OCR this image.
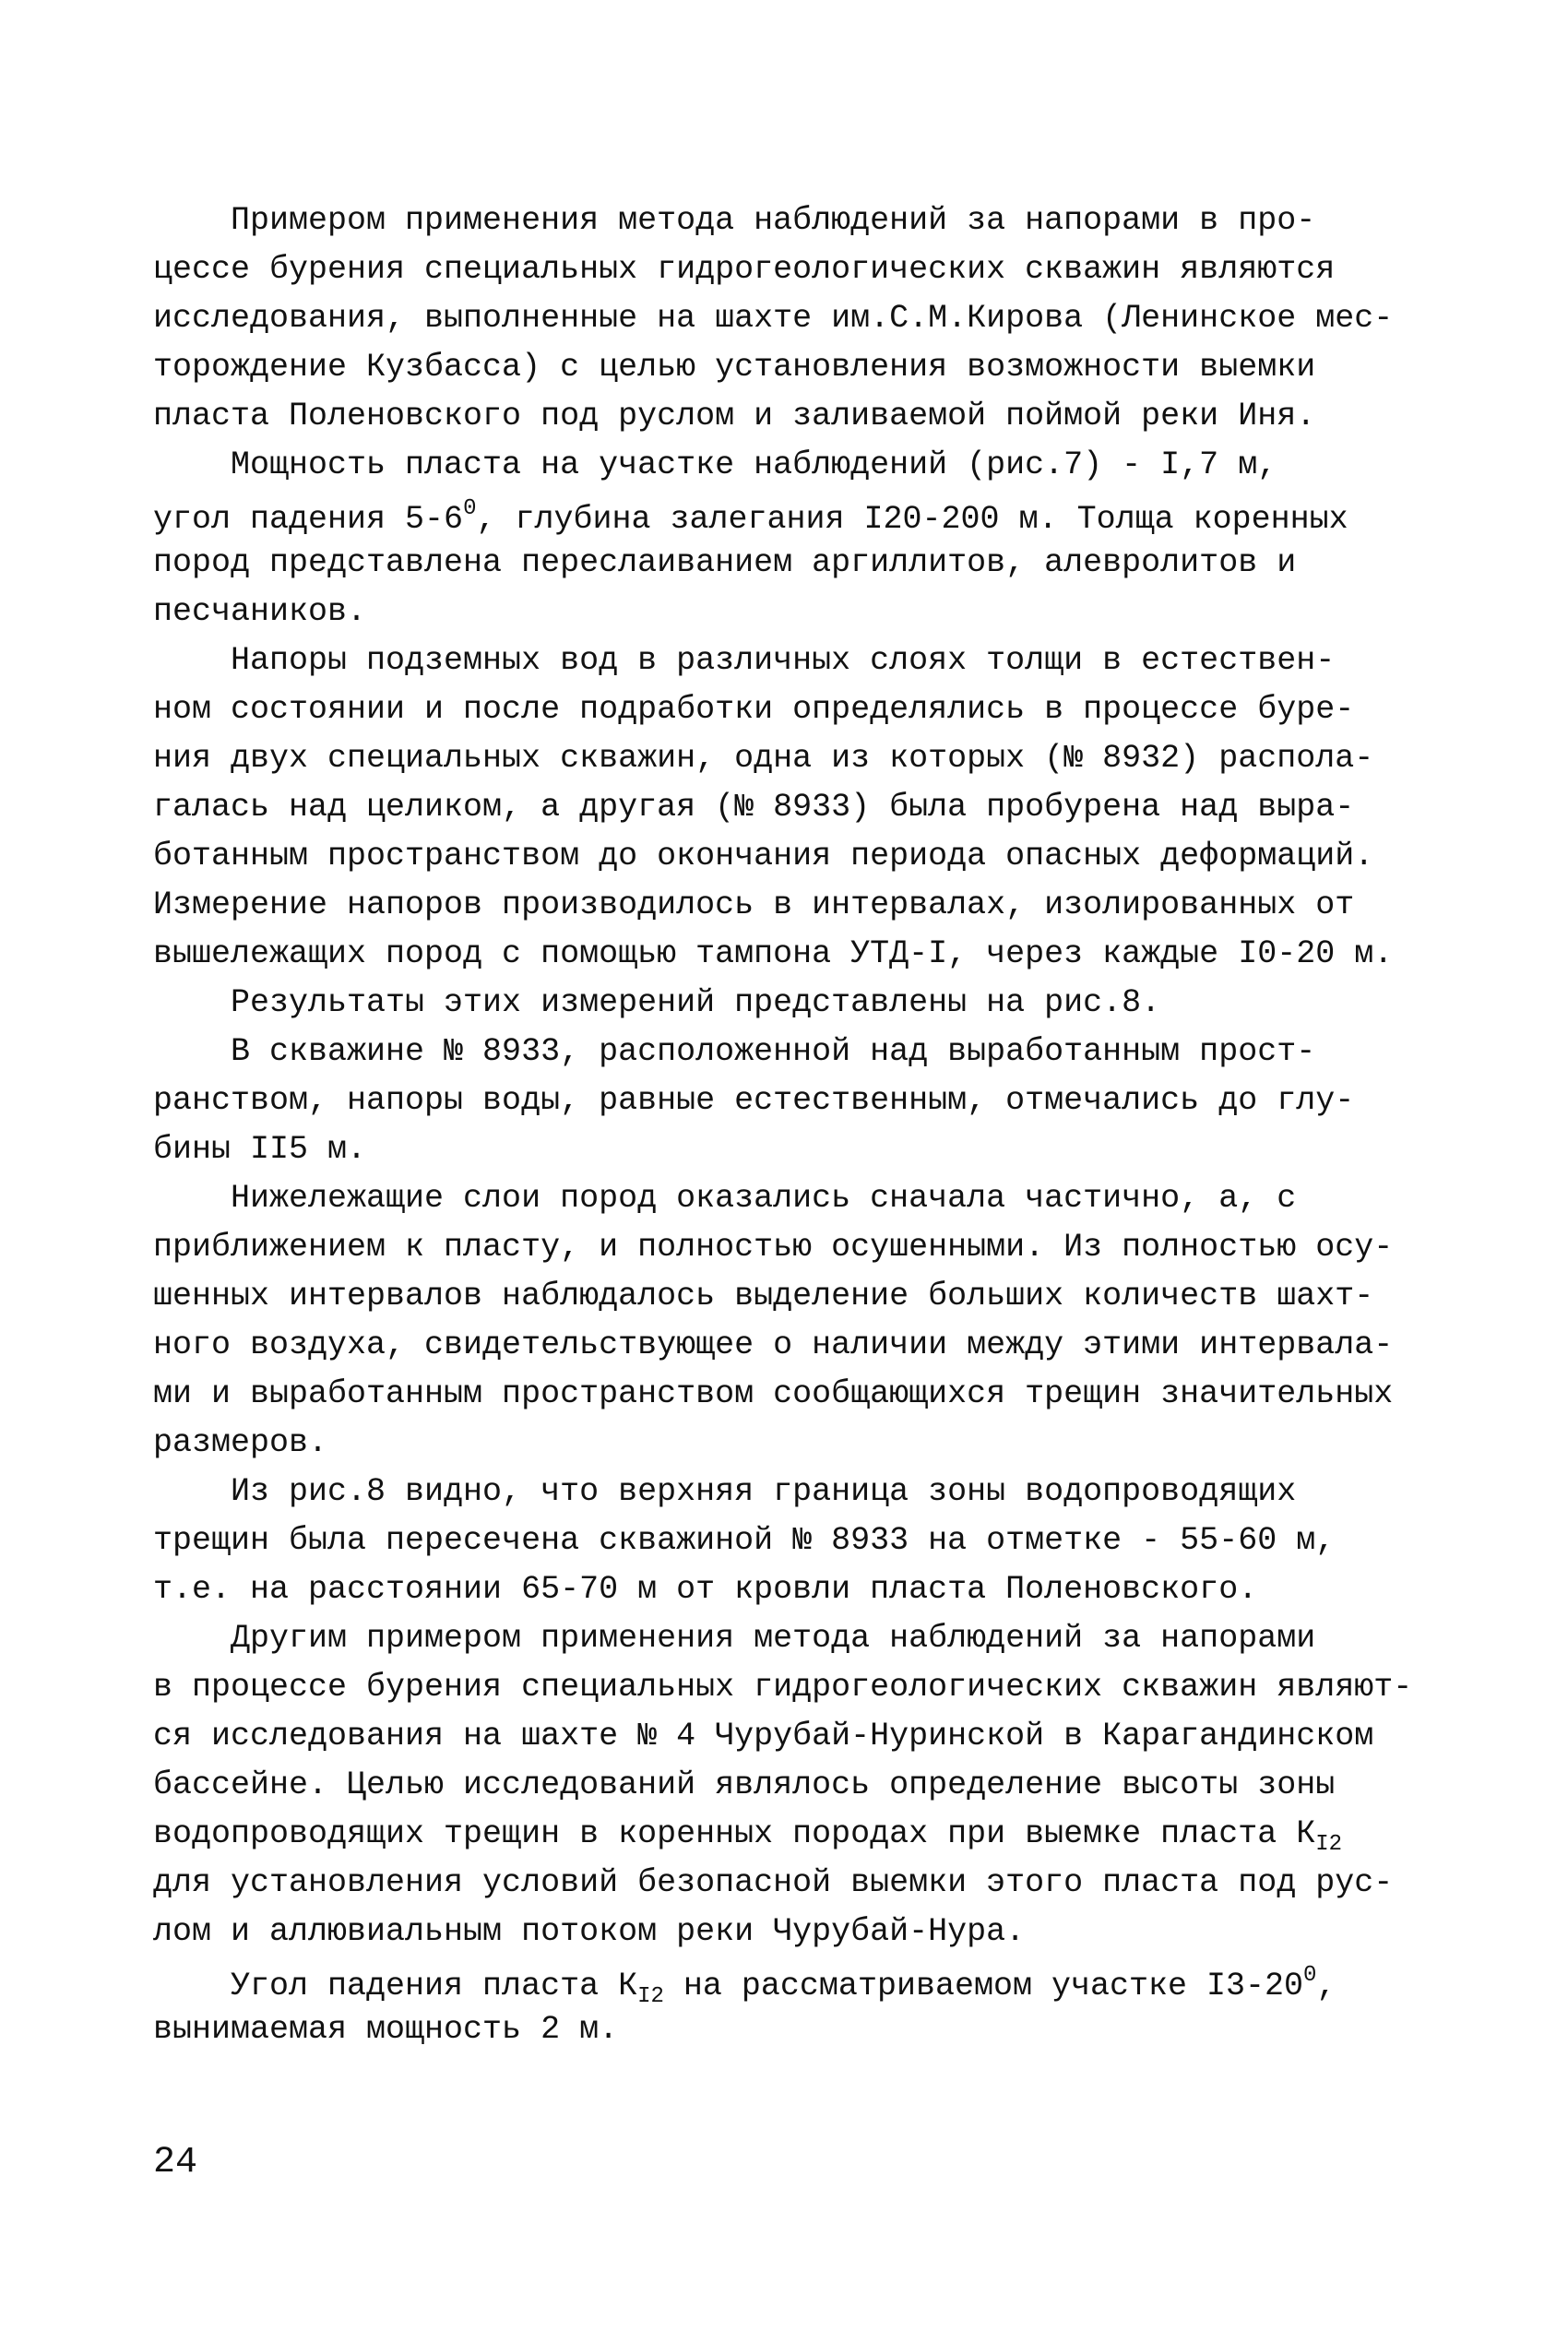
Примером применения метода наблюдений за напорами в про-

цессе бурения специальных гидрогеологических скважин являются

исследования, выполненные на шахте им.С.М.Кирова (Ленинское мес-

торождение Кузбасса) с целью установления возможности выемки

пласта Поленовского под руслом и заливаемой поймой реки Иня.

Мощность пласта на участке наблюдений (рис.7) - I,7 м,

угол падения $5-6^0$, глубина залегания I20-200 м. Толща коренных

пород представлена переслаиванием аргиллитов, алевролитов и

песчаников.

Напоры подземных вод в различных слоях толщи в естествен-

ном состоянии и после подработки определялись в процессе буре-

ния двух специальных скважин, одна из которых (№ 8932) распола-

галась над целиком, а другая (№ 8933) была пробурена над выра-

ботанным пространством до окончания периода опасных деформаций.

Измерение напоров производилось в интервалах, изолированных от

вышележащих пород с помощью тампона УТД-I, через каждые I0-20 м.

Результаты этих измерений представлены на рис.8.

В скважине № 8933, расположенной над выработанным прост-

ранством, напоры воды, равные естественным, отмечались до глу-

бины II5 м.

Нижележащие слои пород оказались сначала частично, а, с

приближением к пласту, и полностью осушенными. Из полностью осу-

шенных интервалов наблюдалось выделение больших количеств шахт-

ного воздуха, свидетельствующее о наличии между этими интервала-

ми и выработанным пространством сообщающихся трещин значительных

размеров.

Из рис.8 видно, что верхняя граница зоны водопроводящих

трещин была пересечена скважиной № 8933 на отметке - 55-60 м,

т.е. на расстоянии 65-70 м от кровли пласта Поленовского.

Другим примером применения метода наблюдений за напорами

в процессе бурения специальных гидрогеологических скважин являют-

ся исследования на шахте № 4 Чурубай-Нуринской в Карагандинском

бассейне. Целью исследований являлось определение высоты зоны

водопроводящих трещин в коренных породах при выемке пласта $К_{I2}$

для установления условий безопасной выемки этого пласта под рус-

лом и аллювиальным потоком реки Чурубай-Нура.

Угол падения пласта $К_{I2}$ на рассматриваемом участке $I3-20^0$,

вынимаемая мощность 2 м.

24
